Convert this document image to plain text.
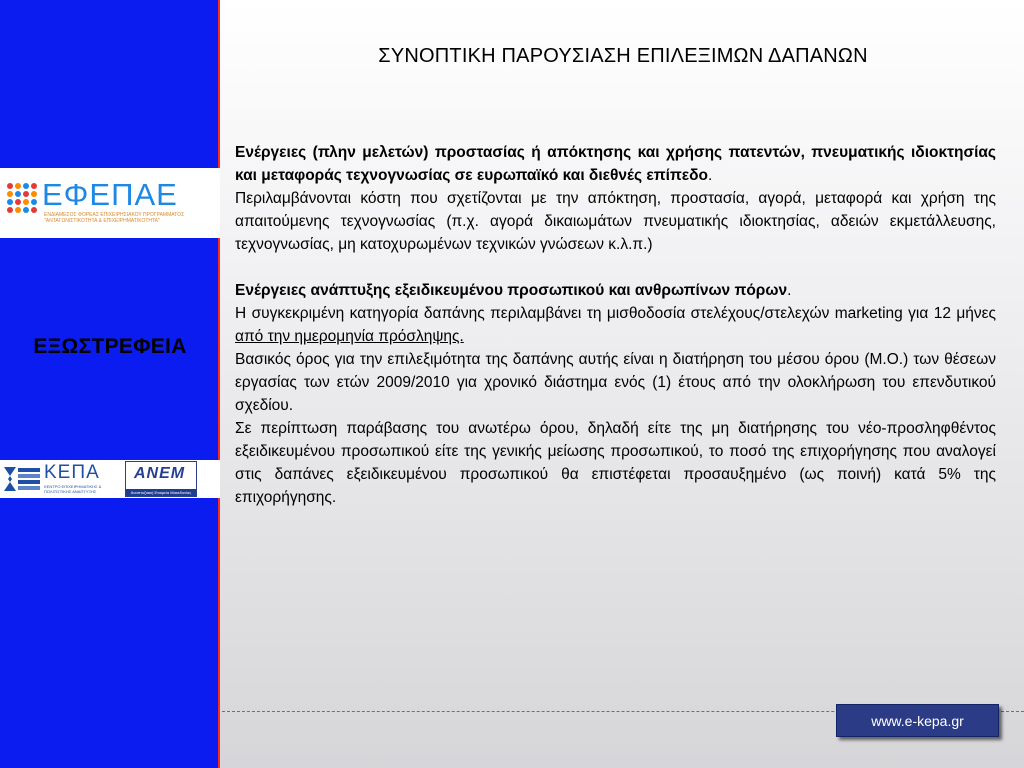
ΕΦΕΠΑΕ
ΕΝΔΙΑΜΕΣΟΣ ΦΟΡΕΑΣ ΕΠΙΧΕΙΡΗΣΙΑΚΟΥ ΠΡΟΓΡΑΜΜΑΤΟΣ "ΑΝΤΑΓΩΝΙΣΤΙΚΟΤΗΤΑ & ΕΠΙΧΕΙΡΗΜΑΤΙΚΟΤΗΤΑ"
ΕΞΩΣΤΡΕΦΕΙΑ
ΚΕΠΑ
ΚΕΝΤΡΟ ΕΠΙΧΕΙΡΗΜΑΤΙΚΗΣ & ΠΟΛΙΤΙΣΤΙΚΗΣ ΑΝΑΠΤΥΞΗΣ
ΑΝΕΜ
Αναπτυξιακή Εταιρεία Μακεδονίας
ΣΥΝΟΠΤΙΚΗ ΠΑΡΟΥΣΙΑΣΗ ΕΠΙΛΕΞΙΜΩΝ ΔΑΠΑΝΩΝ

Ενέργειες (πλην μελετών) προστασίας ή απόκτησης και χρήσης πατεντών, πνευματικής ιδιοκτησίας και μεταφοράς τεχνογνωσίας σε ευρωπαϊκό και διεθνές επίπεδο.

Περιλαμβάνονται κόστη που σχετίζονται με την απόκτηση, προστασία, αγορά, μεταφορά και χρήση της απαιτούμενης τεχνογνωσίας (π.χ. αγορά δικαιωμάτων πνευματικής ιδιοκτησίας, αδειών εκμετάλλευσης, τεχνογνωσίας, μη κατοχυρωμένων τεχνικών γνώσεων κ.λ.π.)

Ενέργειες ανάπτυξης εξειδικευμένου προσωπικού και ανθρωπίνων πόρων.

Η συγκεκριμένη κατηγορία δαπάνης περιλαμβάνει τη μισθοδοσία στελέχους/στελεχών marketing για 12 μήνες από την ημερομηνία πρόσληψης.

Βασικός όρος για την επιλεξιμότητα της δαπάνης αυτής είναι η διατήρηση του μέσου όρου (Μ.Ο.) των θέσεων εργασίας των ετών 2009/2010 για χρονικό διάστημα ενός (1) έτους από την ολοκλήρωση του επενδυτικού σχεδίου.

Σε περίπτωση παράβασης του ανωτέρω όρου, δηλαδή είτε της μη διατήρησης του νέο-προσληφθέντος εξειδικευμένου προσωπικού είτε της γενικής μείωσης προσωπικού, το ποσό της επιχορήγησης που αναλογεί στις δαπάνες εξειδικευμένου προσωπικού θα επιστέφεται προσαυξημένο (ως ποινή) κατά 5% της επιχορήγησης.

www.e-kepa.gr
